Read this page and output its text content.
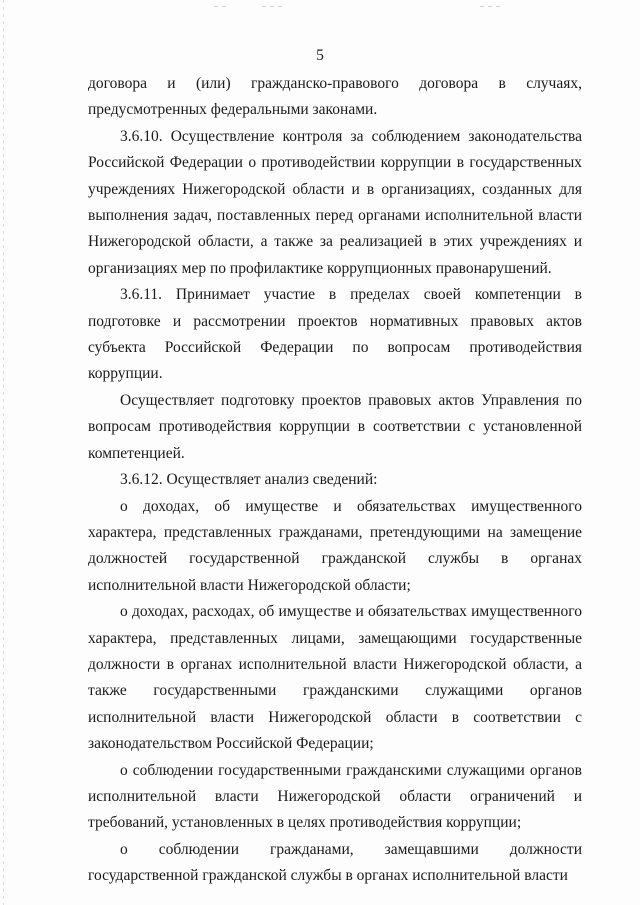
5

договора и (или) гражданско-правового договора в случаях, предусмотренных федеральными законами.

3.6.10. Осуществление контроля за соблюдением законодательства Российской Федерации о противодействии коррупции в государственных учреждениях Нижегородской области и в организациях, созданных для выполнения задач, поставленных перед органами исполнительной власти Нижегородской области, а также за реализацией в этих учреждениях и организациях мер по профилактике коррупционных правонарушений.

3.6.11. Принимает участие в пределах своей компетенции в подготовке и рассмотрении проектов нормативных правовых актов субъекта Российской Федерации по вопросам противодействия коррупции.

Осуществляет подготовку проектов правовых актов Управления по вопросам противодействия коррупции в соответствии с установленной компетенцией.

3.6.12. Осуществляет анализ сведений:

о доходах, об имуществе и обязательствах имущественного характера, представленных гражданами, претендующими на замещение должностей государственной гражданской службы в органах исполнительной власти Нижегородской области;

о доходах, расходах, об имуществе и обязательствах имущественного характера, представленных лицами, замещающими государственные должности в органах исполнительной власти Нижегородской области, а также государственными гражданскими служащими органов исполнительной власти Нижегородской области в соответствии с законодательством Российской Федерации;

о соблюдении государственными гражданскими служащими органов исполнительной власти Нижегородской области ограничений и требований, установленных в целях противодействия коррупции;

о соблюдении гражданами, замещавшими должности государственной гражданской службы в органах исполнительной власти
